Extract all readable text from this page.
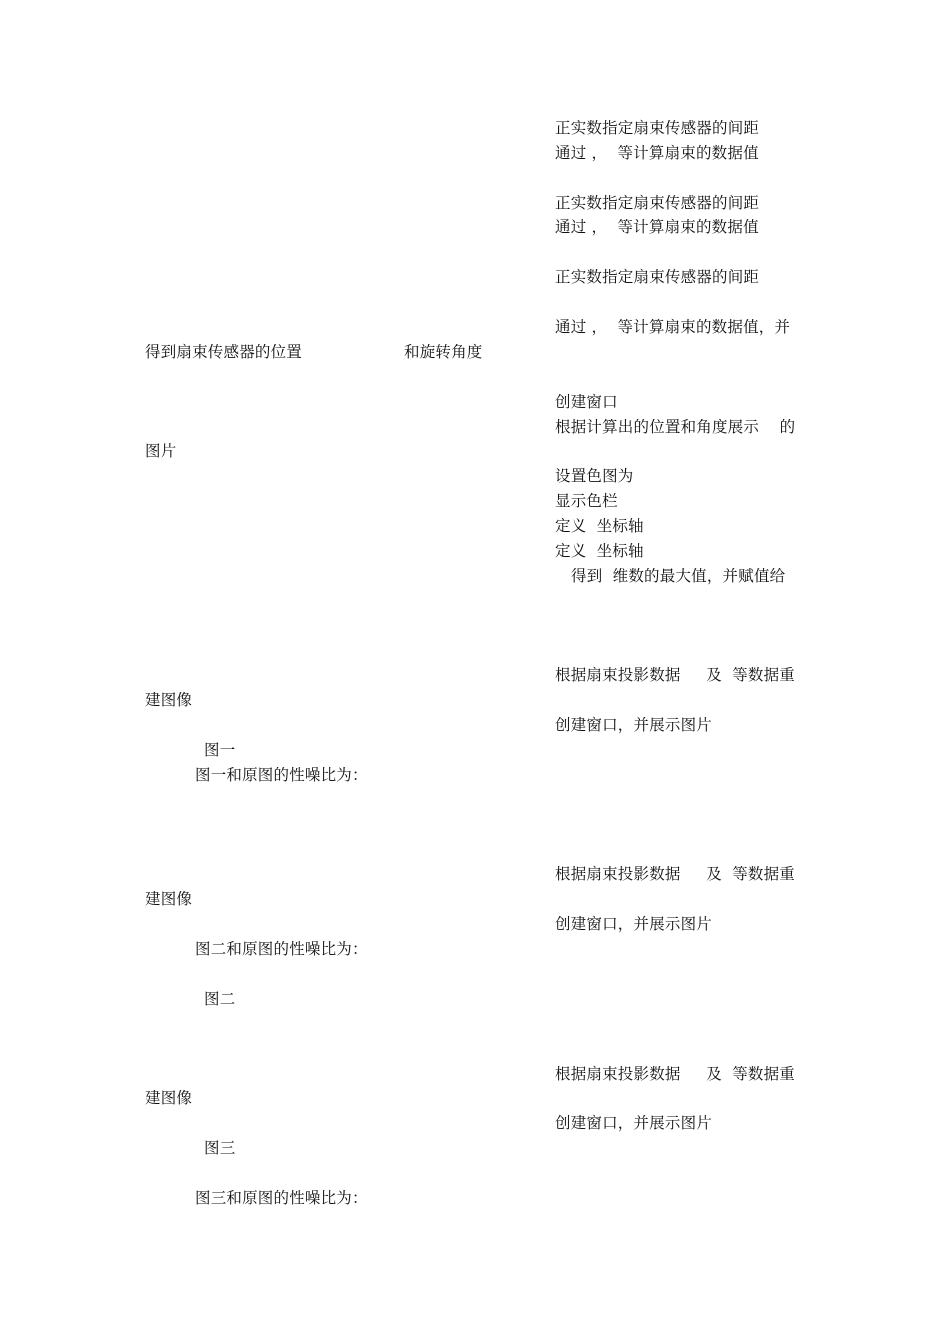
正实数指定扇束传感器的间距
通过 ，  等计算扇束的数据值
正实数指定扇束传感器的间距
通过 ，  等计算扇束的数据值
正实数指定扇束传感器的间距
通过 ，  等计算扇束的数据值，并
创建窗口
根据计算出的位置和角度展示    的
设置色图为
显示色栏
定义  坐标轴
定义  坐标轴
得到  维数的最大值，并赋值给
根据扇束投影数据     及  等数据重
创建窗口，并展示图片
根据扇束投影数据     及  等数据重
创建窗口，并展示图片
根据扇束投影数据     及  等数据重
创建窗口，并展示图片
得到扇束传感器的位置	和旋转角度
图片
建图像
图一
图一和原图的性噪比为：
建图像
图二和原图的性噪比为：
图二
建图像
图三
图三和原图的性噪比为：
